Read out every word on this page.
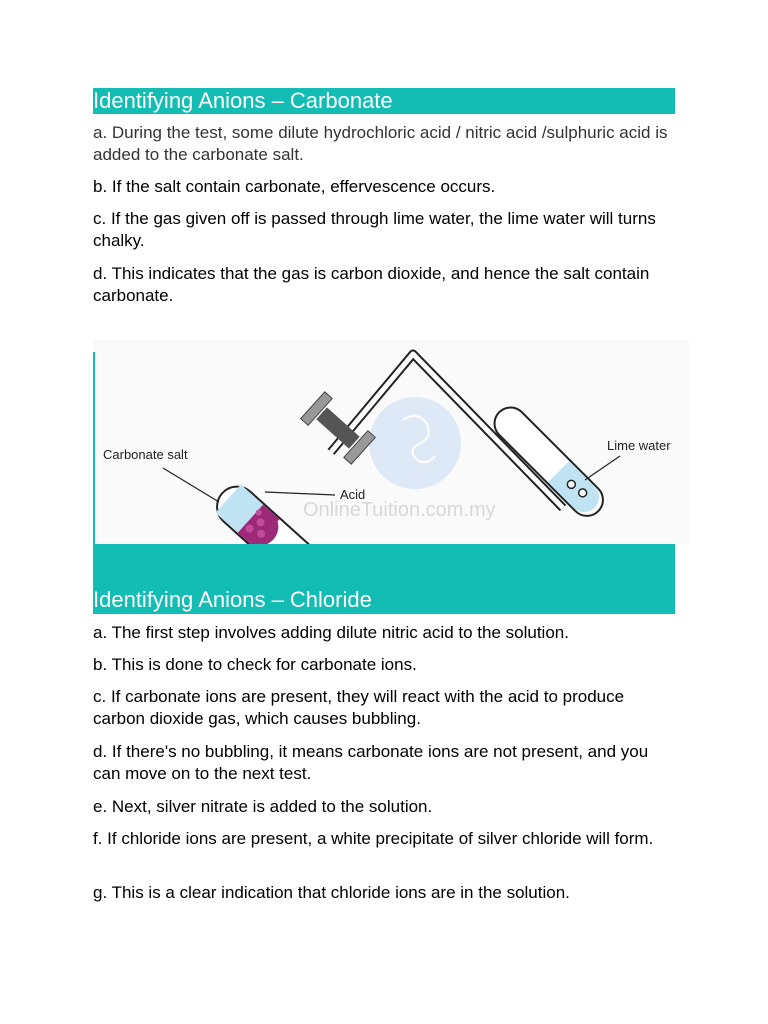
Identifying Anions – Carbonate

a. During the test, some dilute hydrochloric acid / nitric acid /sulphuric acid is added to the carbonate salt.

b. If the salt contain carbonate, effervescence occurs.

c. If the gas given off is passed through lime water, the lime water will turns chalky.

d. This indicates that the gas is carbon dioxide, and hence the salt contain carbonate.

OnlineTuition.com.my
Carbonate salt
Acid
Lime water
Identifying Anions – Chloride

a. The first step involves adding dilute nitric acid to the solution.

b. This is done to check for carbonate ions.

c. If carbonate ions are present, they will react with the acid to produce carbon dioxide gas, which causes bubbling.

d. If there's no bubbling, it means carbonate ions are not present, and you can move on to the next test.

e. Next, silver nitrate is added to the solution.

f. If chloride ions are present, a white precipitate of silver chloride will form.

g. This is a clear indication that chloride ions are in the solution.
